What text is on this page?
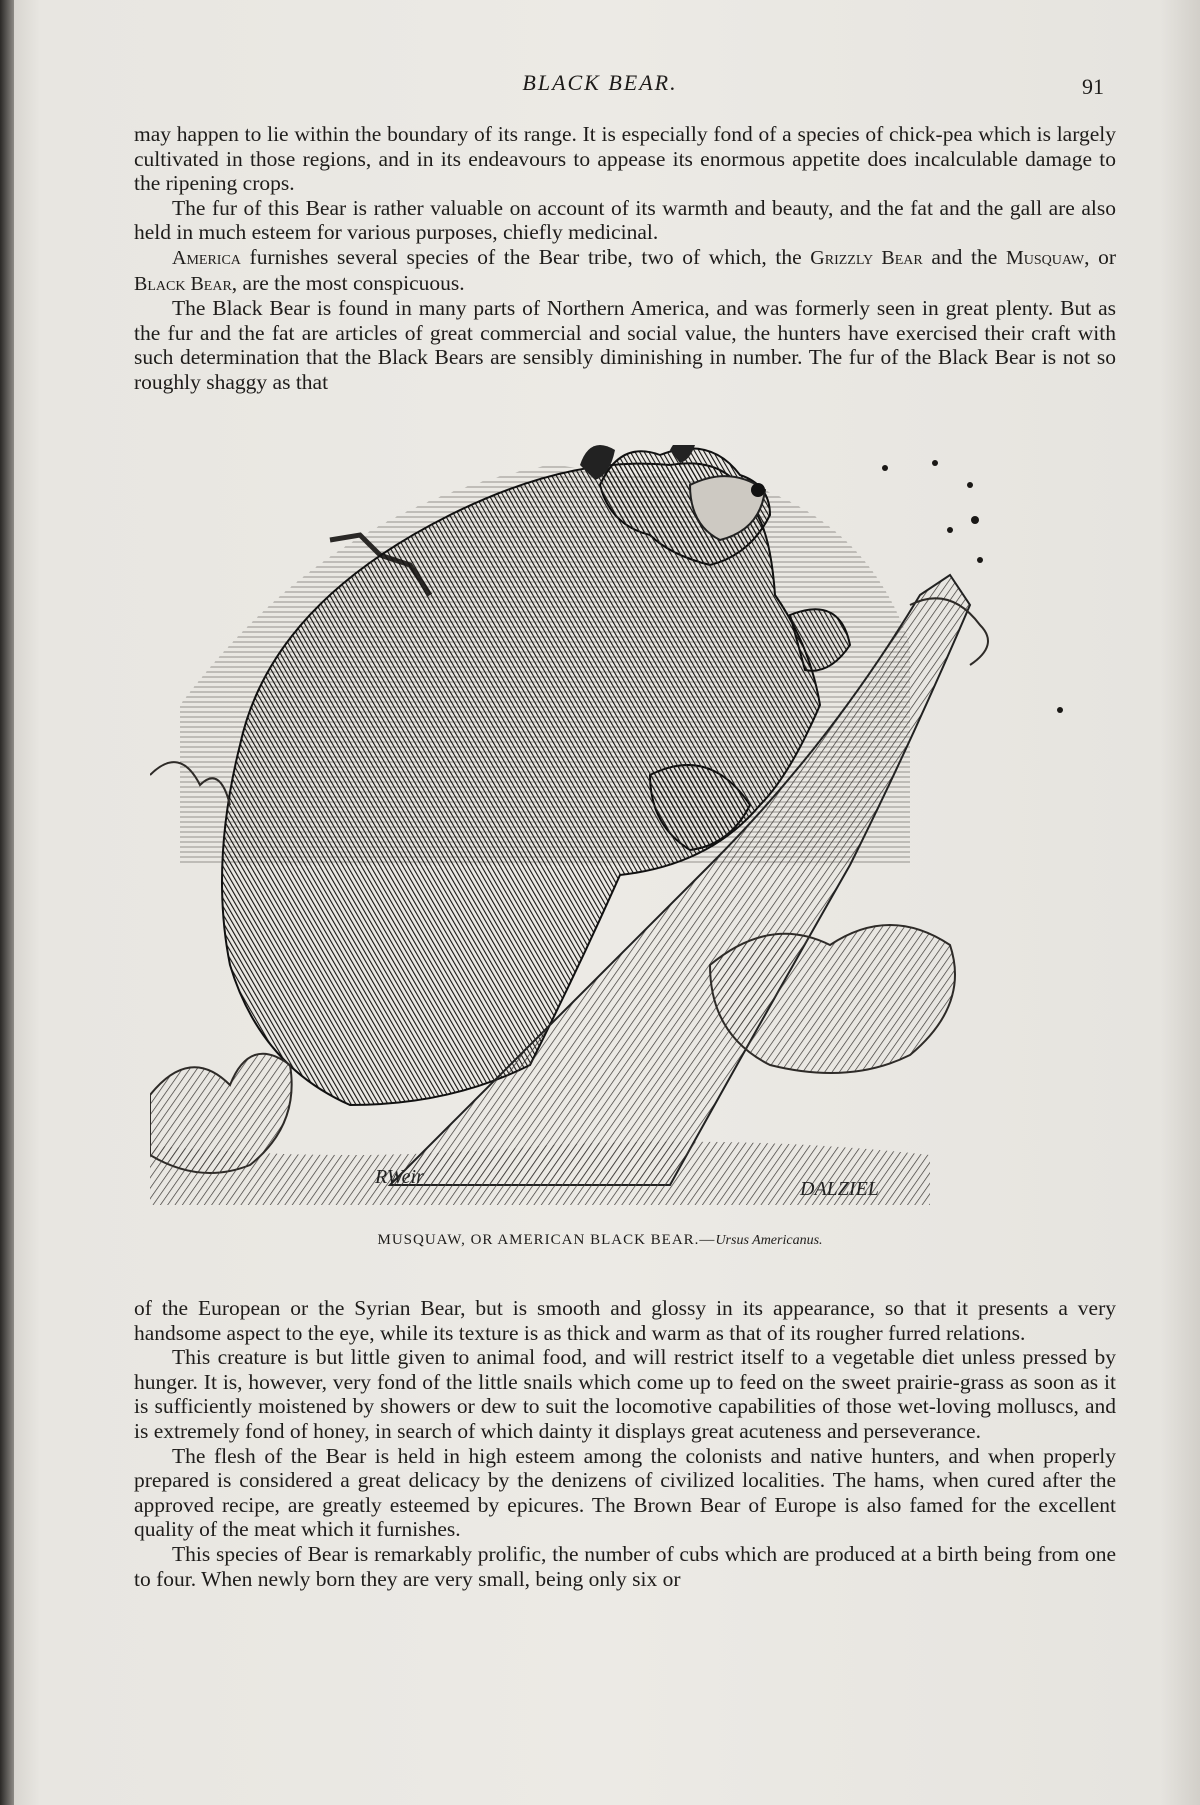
BLACK BEAR.	91

may happen to lie within the boundary of its range. It is especially fond of a species of chick-pea which is largely cultivated in those regions, and in its endeavours to appease its enormous appetite does incalculable damage to the ripening crops.

The fur of this Bear is rather valuable on account of its warmth and beauty, and the fat and the gall are also held in much esteem for various purposes, chiefly medicinal.

America furnishes several species of the Bear tribe, two of which, the Grizzly Bear and the Musquaw, or Black Bear, are the most conspicuous.

The Black Bear is found in many parts of Northern America, and was formerly seen in great plenty. But as the fur and the fat are articles of great commercial and social value, the hunters have exercised their craft with such determination that the Black Bears are sensibly diminishing in number. The fur of the Black Bear is not so roughly shaggy as that

RWeir
DALZIEL
MUSQUAW, OR AMERICAN BLACK BEAR.—Ursus Americanus.

of the European or the Syrian Bear, but is smooth and glossy in its appearance, so that it presents a very handsome aspect to the eye, while its texture is as thick and warm as that of its rougher furred relations.

This creature is but little given to animal food, and will restrict itself to a vegetable diet unless pressed by hunger. It is, however, very fond of the little snails which come up to feed on the sweet prairie-grass as soon as it is sufficiently moistened by showers or dew to suit the locomotive capabilities of those wet-loving molluscs, and is extremely fond of honey, in search of which dainty it displays great acuteness and perseverance.

The flesh of the Bear is held in high esteem among the colonists and native hunters, and when properly prepared is considered a great delicacy by the denizens of civilized localities. The hams, when cured after the approved recipe, are greatly esteemed by epicures. The Brown Bear of Europe is also famed for the excellent quality of the meat which it furnishes.

This species of Bear is remarkably prolific, the number of cubs which are produced at a birth being from one to four. When newly born they are very small, being only six or
